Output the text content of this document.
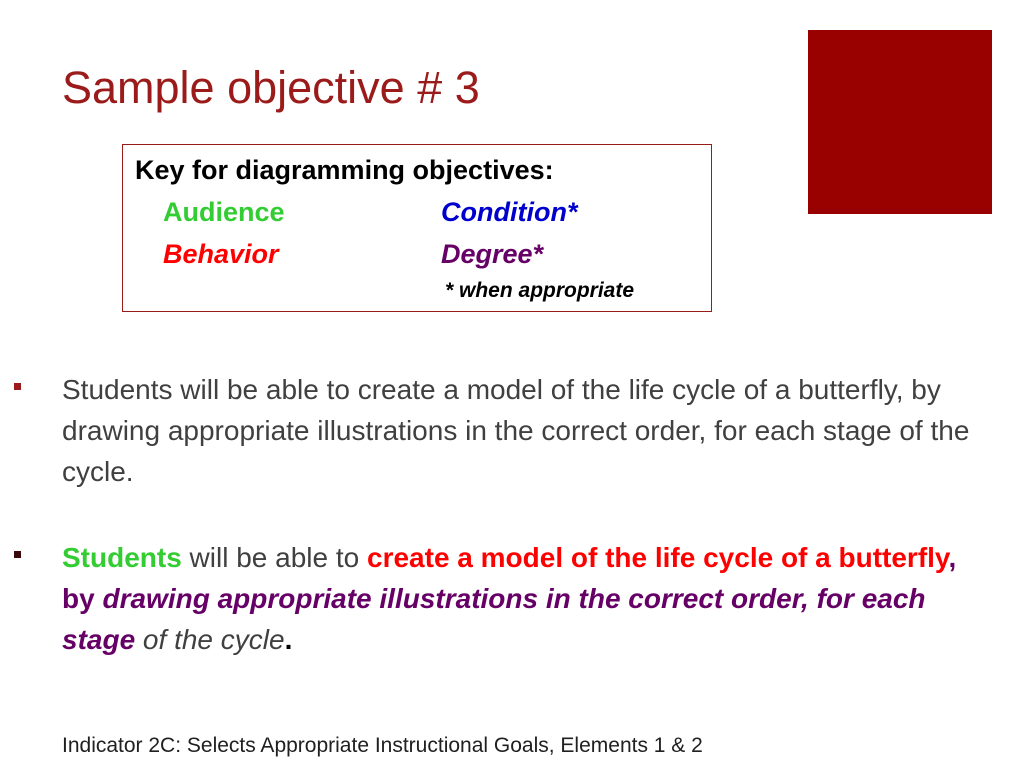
Sample objective # 3
Key for diagramming objectives:
Audience	Condition*
Behavior	Degree*
* when appropriate
Students will be able to create a model of the life cycle of a butterfly, by drawing appropriate illustrations in the correct order, for each stage of the cycle.
Students will be able to create a model of the life cycle of a butterfly, by drawing appropriate illustrations in the correct order, for each stage of the cycle.
Indicator 2C: Selects Appropriate Instructional Goals, Elements 1 & 2
